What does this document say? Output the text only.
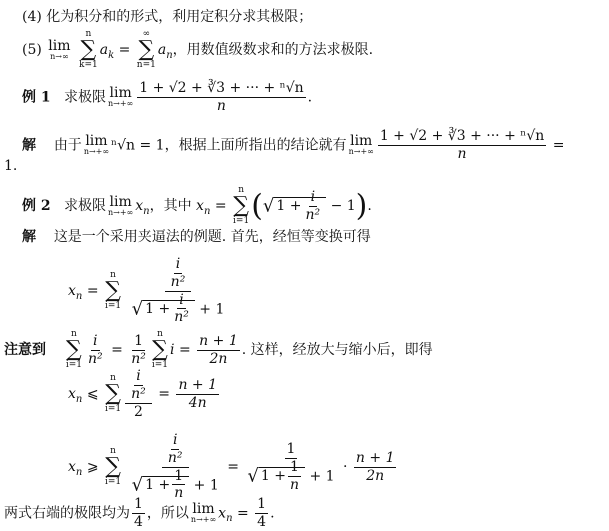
(4) 化为积分和的形式，利用定积分求其极限；
(5) lim
n→∞

n
∑
k=1
$a_k$ =
∞
∑
n=1
$a_n$，用数值级数求和的方法求极限.
例 1 求极限 lim
$n\to+\infty \frac{\text{1 + √2 + ∛3 + ··· + ⁿ√n}}{n}$ .
解 由于 lim
n→+∞ ⁿ√n = 1，根据上面所指出的结论就有 lim
$n\to+\infty \frac{\text{1 + √2 + ∛3 + ··· + ⁿ√n}}{n}$ =
1.
例 2 求极限 lim
n→+∞ $x_n$，其中 $x_n$ =
n
∑
i=1 (√ $1 + \frac{i}{\text{n²}} - 1$).
解 这是一个采用夹逼法的例题. 首先，经恒等变换可得
$x_n$ =
n
∑
i=1
$\frac{\frac{i}{\text{n²}}}{√ 1 + \frac{i}{\text{n²}} + 1}$
注意到
n
∑
$i=1 \frac{i}{\text{n²}} = \frac{1}{\text{n²}}$ n
∑
i=1
$i = \frac{n + 1}{2n}$ . 这样，经放大与缩小后，即得
$x_n$ ⩽
n
∑
$i=1 \frac{\frac{i}{\text{n²}}}{2} = \frac{n + 1}{4n}$
$x_n$ ⩾
n
∑
i=1
$\frac{\frac{i}{\text{n²}}}{√ 1 + \frac{1}{n} + 1} = \frac{1}{√ 1 + \frac{1}{n} + 1} \cdot \frac{n + 1}{2n}$
两式右端的极限均为 $\frac{1}{4}$ ，所以 lim
n→+∞ $x_n = \frac{1}{4}$ .
